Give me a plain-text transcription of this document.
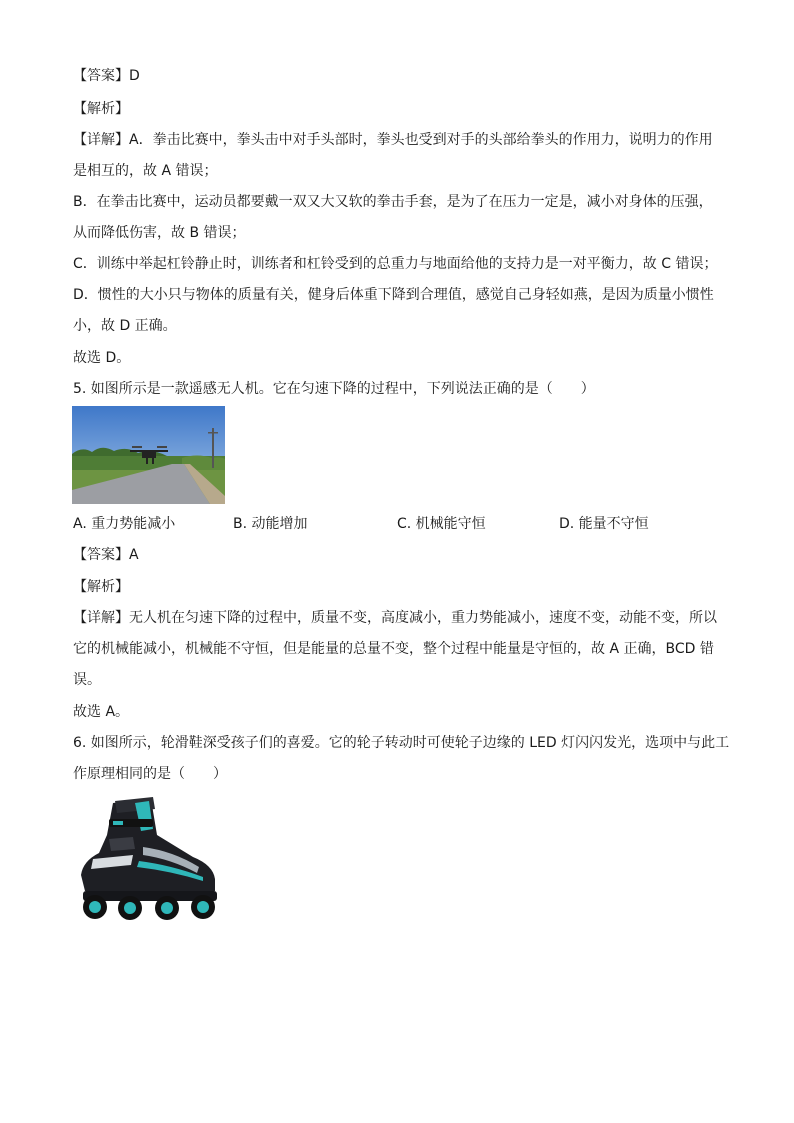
【答案】D
【解析】
【详解】A．拳击比赛中，拳头击中对手头部时，拳头也受到对手的头部给拳头的作用力，说明力的作用
是相互的，故 A 错误；
B．在拳击比赛中，运动员都要戴一双又大又软的拳击手套，是为了在压力一定是，减小对身体的压强，
从而降低伤害，故 B 错误；
C．训练中举起杠铃静止时，训练者和杠铃受到的总重力与地面给他的支持力是一对平衡力，故 C 错误；
D．惯性的大小只与物体的质量有关，健身后体重下降到合理值，感觉自己身轻如燕，是因为质量小惯性
小，故 D 正确。
故选 D。
5. 如图所示是一款遥感无人机。它在匀速下降的过程中，下列说法正确的是（　　）
A. 重力势能减小	B. 动能增加	C. 机械能守恒	D. 能量不守恒
【答案】A
【解析】
【详解】无人机在匀速下降的过程中，质量不变，高度减小，重力势能减小，速度不变，动能不变，所以
它的机械能减小，机械能不守恒，但是能量的总量不变，整个过程中能量是守恒的，故 A 正确，BCD 错
误。
故选 A。
6. 如图所示，轮滑鞋深受孩子们的喜爱。它的轮子转动时可使轮子边缘的 LED 灯闪闪发光，选项中与此工
作原理相同的是（　　）
